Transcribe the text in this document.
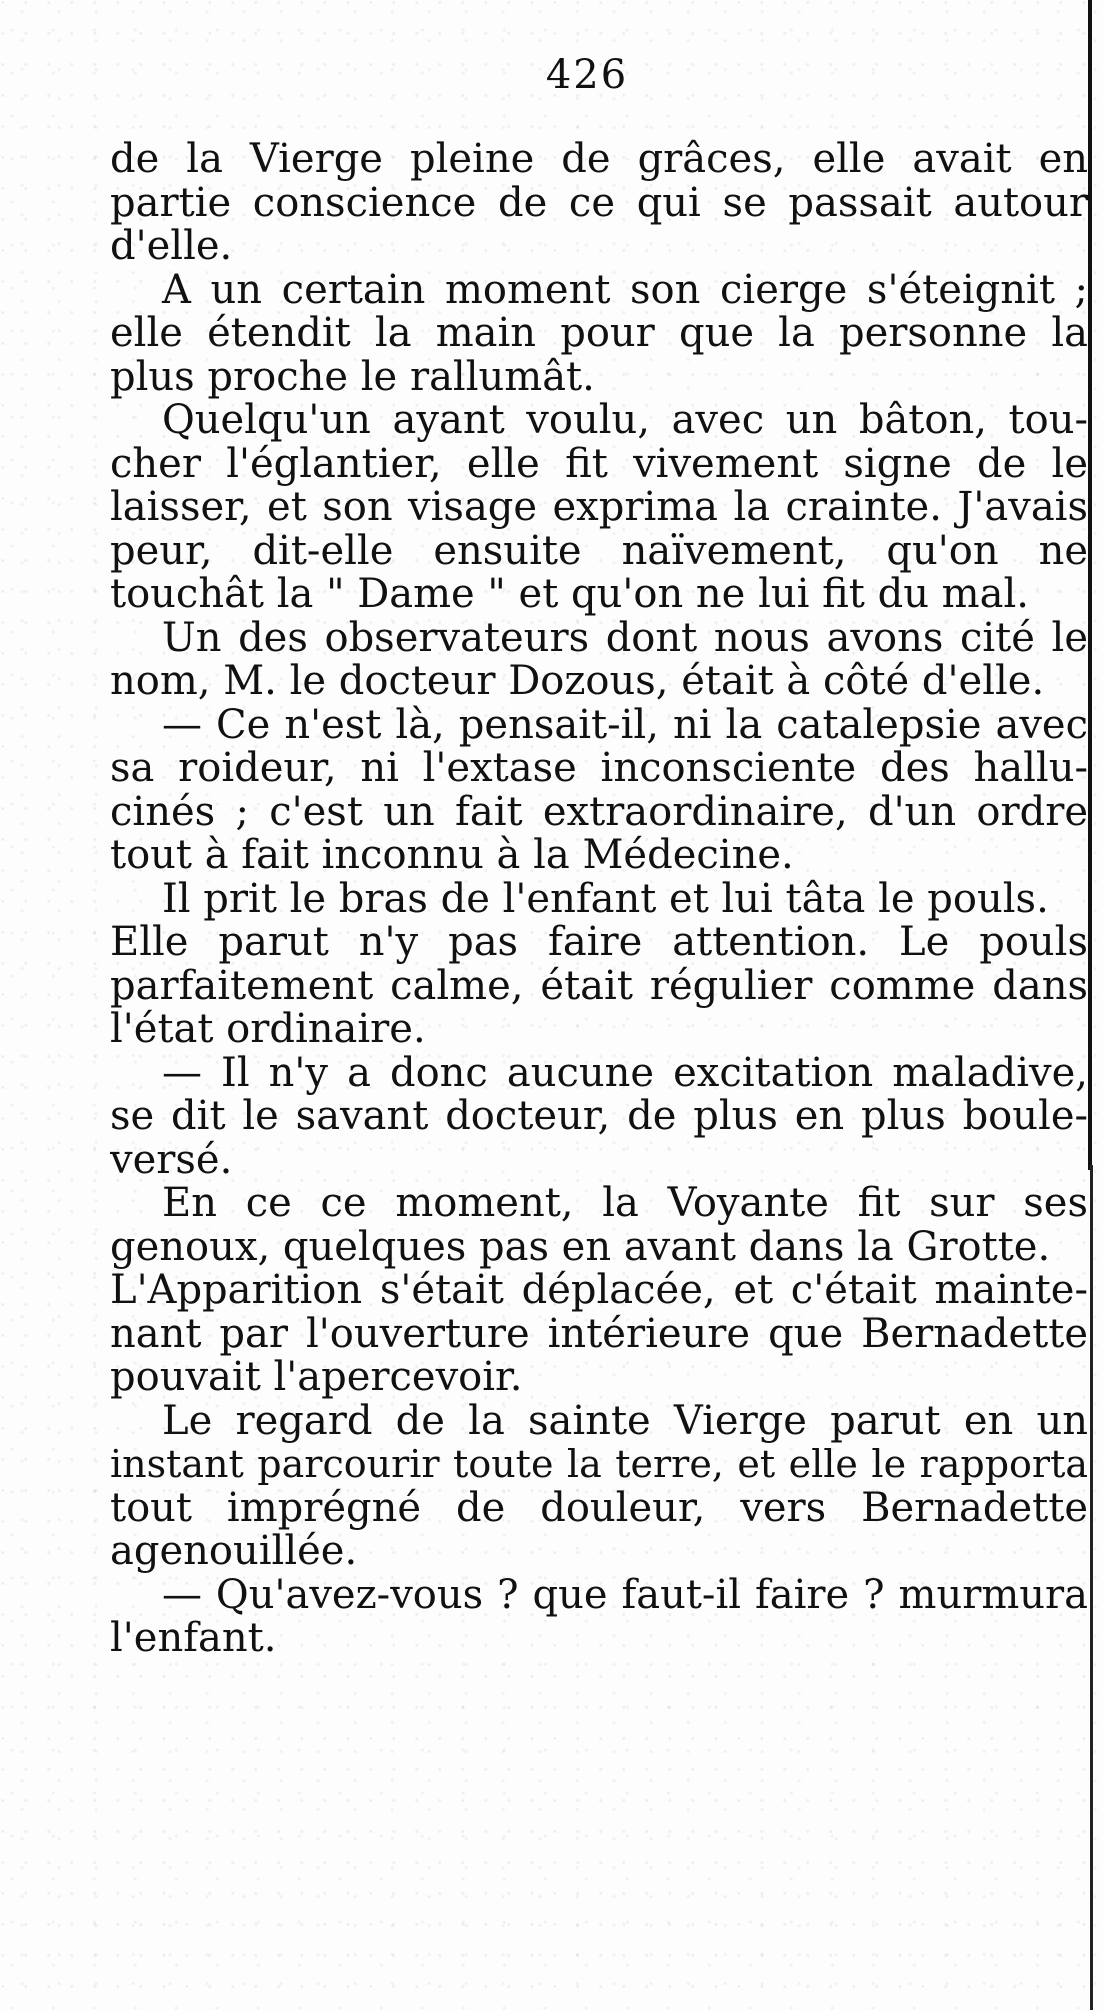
426
de la Vierge pleine de grâces, elle avait en
partie conscience de ce qui se passait autour
d'elle.
A un certain moment son cierge s'éteignit ;
elle étendit la main pour que la personne la
plus proche le rallumât.
Quelqu'un ayant voulu, avec un bâton, tou-
cher l'églantier, elle fit vivement signe de le
laisser, et son visage exprima la crainte. J'avais
peur, dit-elle ensuite naïvement, qu'on ne
touchât la " Dame " et qu'on ne lui fit du mal.
Un des observateurs dont nous avons cité le
nom, M. le docteur Dozous, était à côté d'elle.
— Ce n'est là, pensait-il, ni la catalepsie avec
sa roideur, ni l'extase inconsciente des hallu-
cinés ; c'est un fait extraordinaire, d'un ordre
tout à fait inconnu à la Médecine.
Il prit le bras de l'enfant et lui tâta le pouls.
Elle parut n'y pas faire attention. Le pouls
parfaitement calme, était régulier comme dans
l'état ordinaire.
— Il n'y a donc aucune excitation maladive,
se dit le savant docteur, de plus en plus boule-
versé.
En ce ce moment, la Voyante fit sur ses
genoux, quelques pas en avant dans la Grotte.
L'Apparition s'était déplacée, et c'était mainte-
nant par l'ouverture intérieure que Bernadette
pouvait l'apercevoir.
Le regard de la sainte Vierge parut en un
instant parcourir toute la terre, et elle le rapporta
tout imprégné de douleur, vers Bernadette
agenouillée.
— Qu'avez-vous ? que faut-il faire ? murmura
l'enfant.
